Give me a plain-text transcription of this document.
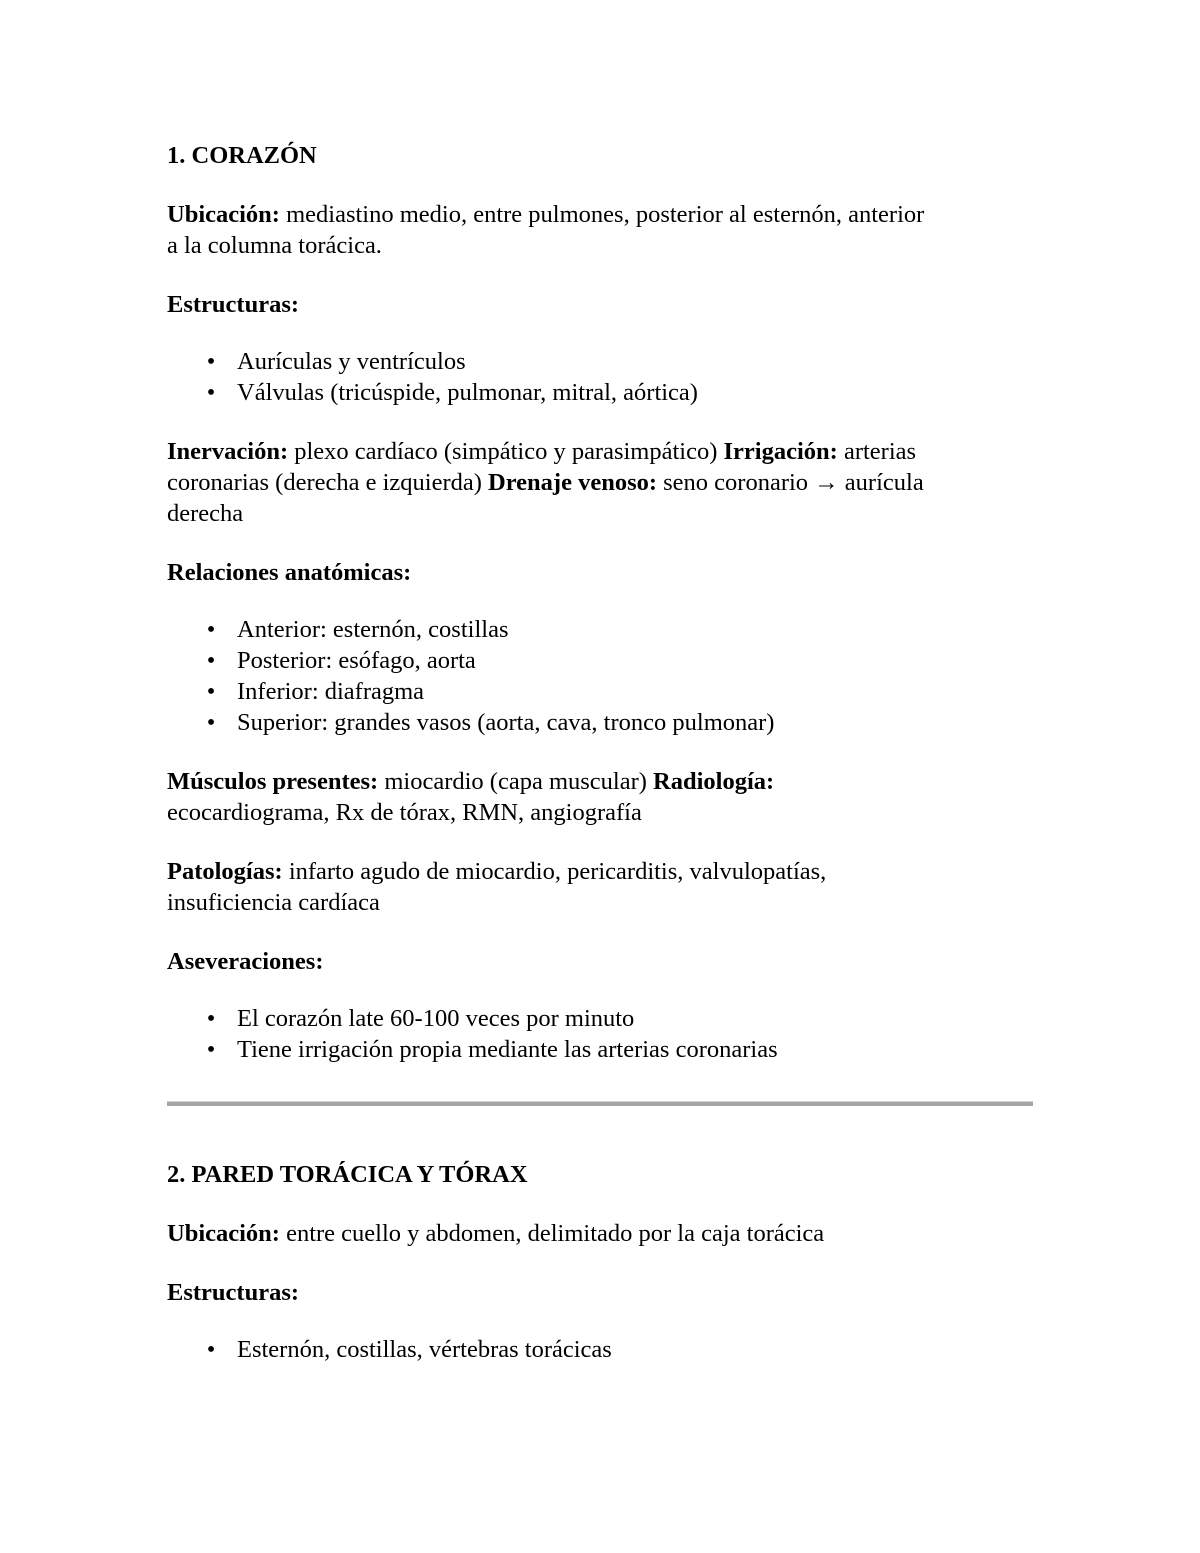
1. CORAZÓN

Ubicación: mediastino medio, entre pulmones, posterior al esternón, anterior
a la columna torácica.

Estructuras:

• Aurículas y ventrículos
• Válvulas (tricúspide, pulmonar, mitral, aórtica)

Inervación: plexo cardíaco (simpático y parasimpático) Irrigación: arterias
coronarias (derecha e izquierda) Drenaje venoso: seno coronario → aurícula
derecha

Relaciones anatómicas:

• Anterior: esternón, costillas
• Posterior: esófago, aorta
• Inferior: diafragma
• Superior: grandes vasos (aorta, cava, tronco pulmonar)

Músculos presentes: miocardio (capa muscular) Radiología:
ecocardiograma, Rx de tórax, RMN, angiografía

Patologías: infarto agudo de miocardio, pericarditis, valvulopatías,
insuficiencia cardíaca

Aseveraciones:

• El corazón late 60-100 veces por minuto
• Tiene irrigación propia mediante las arterias coronarias

2. PARED TORÁCICA Y TÓRAX

Ubicación: entre cuello y abdomen, delimitado por la caja torácica

Estructuras:

• Esternón, costillas, vértebras torácicas
